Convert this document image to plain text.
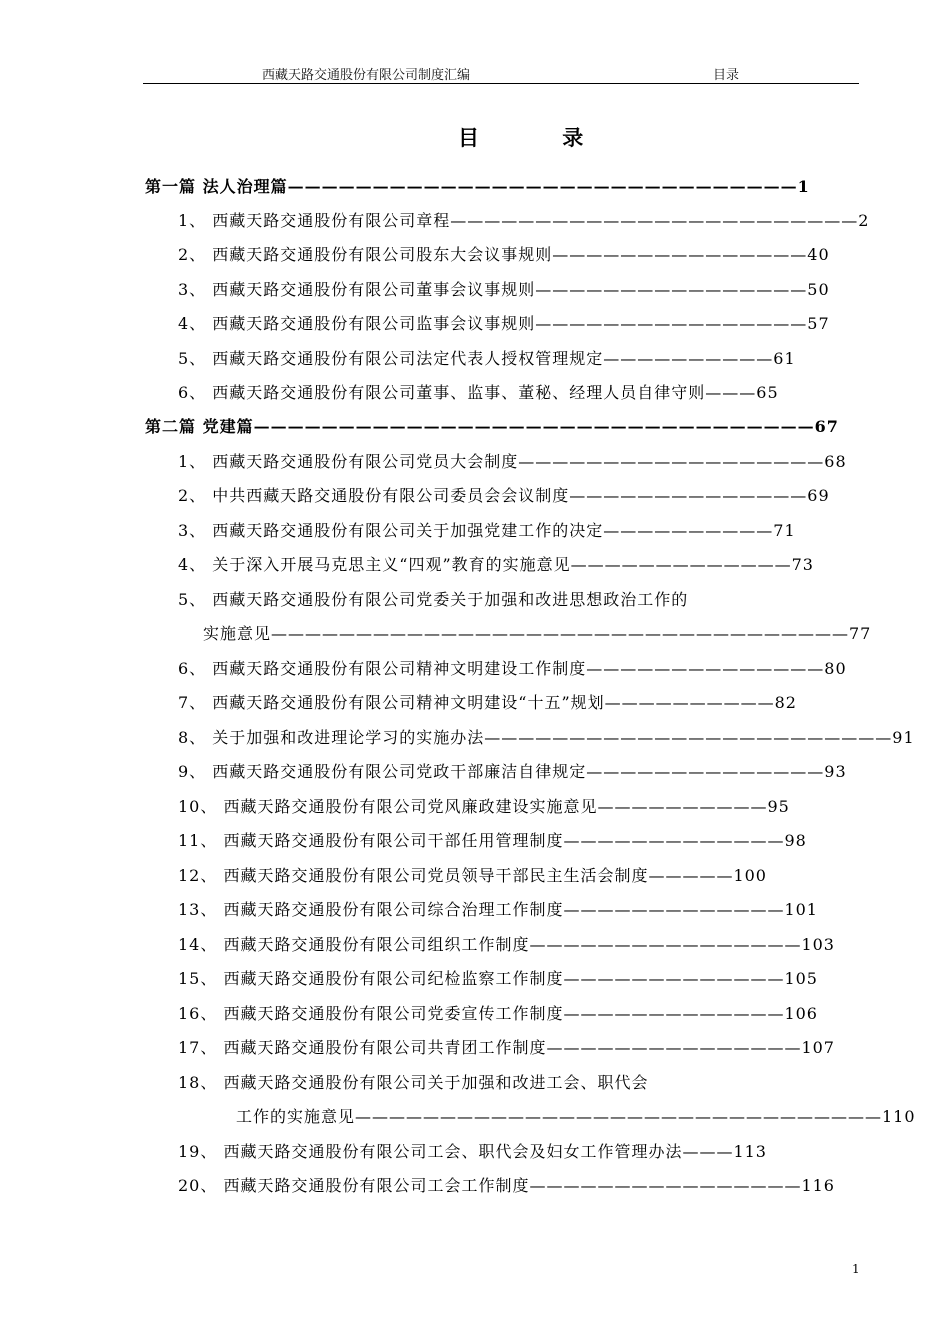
西藏天路交通股份有限公司制度汇编	目录
目 录
第一篇 法人治理篇——————————————————————————————1
1、 西藏天路交通股份有限公司章程————————————————————————2
2、 西藏天路交通股份有限公司股东大会议事规则———————————————40
3、 西藏天路交通股份有限公司董事会议事规则————————————————50
4、 西藏天路交通股份有限公司监事会议事规则————————————————57
5、 西藏天路交通股份有限公司法定代表人授权管理规定——————————61
6、 西藏天路交通股份有限公司董事、监事、董秘、经理人员自律守则———65
第二篇 党建篇—————————————————————————————————67
1、 西藏天路交通股份有限公司党员大会制度——————————————————68
2、 中共西藏天路交通股份有限公司委员会会议制度——————————————69
3、 西藏天路交通股份有限公司关于加强党建工作的决定——————————71
4、 关于深入开展马克思主义“四观”教育的实施意见—————————————73
5、 西藏天路交通股份有限公司党委关于加强和改进思想政治工作的
实施意见——————————————————————————————————77
6、 西藏天路交通股份有限公司精神文明建设工作制度——————————————80
7、 西藏天路交通股份有限公司精神文明建设“十五”规划——————————82
8、 关于加强和改进理论学习的实施办法————————————————————————91
9、 西藏天路交通股份有限公司党政干部廉洁自律规定——————————————93
10、 西藏天路交通股份有限公司党风廉政建设实施意见——————————95
11、 西藏天路交通股份有限公司干部任用管理制度—————————————98
12、 西藏天路交通股份有限公司党员领导干部民主生活会制度—————100
13、 西藏天路交通股份有限公司综合治理工作制度—————————————101
14、 西藏天路交通股份有限公司组织工作制度————————————————103
15、 西藏天路交通股份有限公司纪检监察工作制度—————————————105
16、 西藏天路交通股份有限公司党委宣传工作制度—————————————106
17、 西藏天路交通股份有限公司共青团工作制度———————————————107
18、 西藏天路交通股份有限公司关于加强和改进工会、职代会
工作的实施意见———————————————————————————————110
19、 西藏天路交通股份有限公司工会、职代会及妇女工作管理办法———113
20、 西藏天路交通股份有限公司工会工作制度————————————————116
1
